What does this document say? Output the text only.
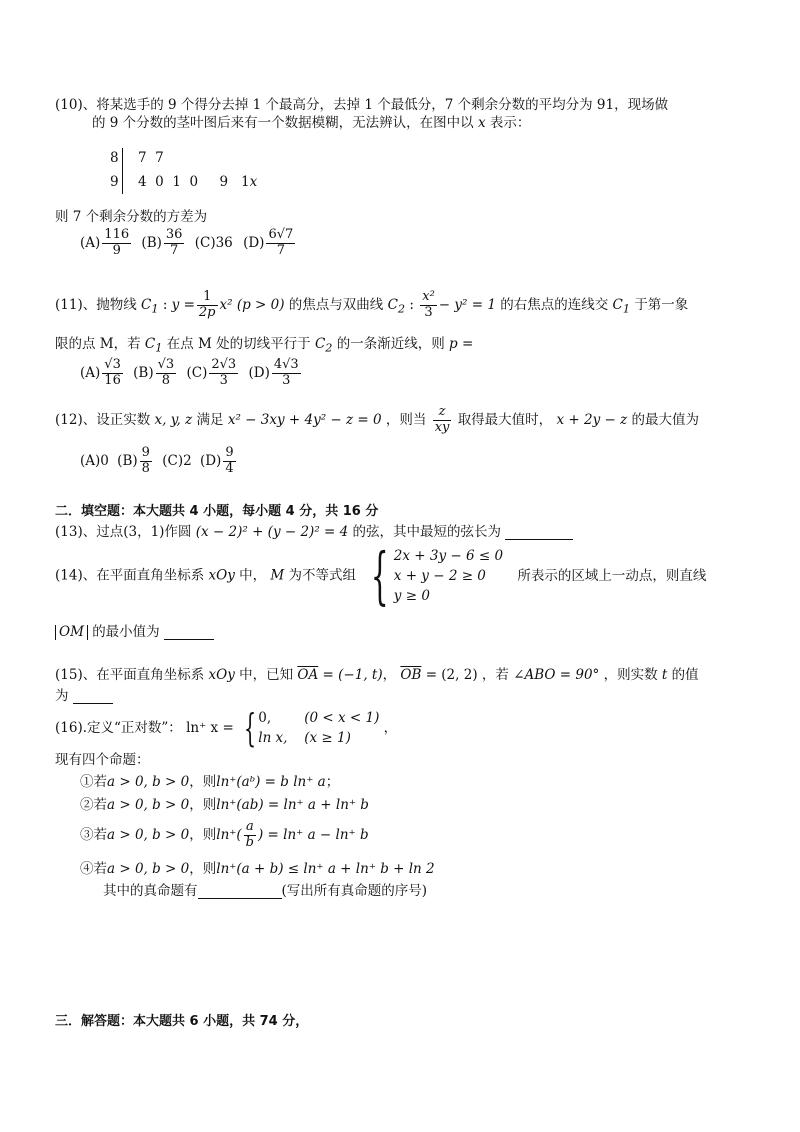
(10)、将某选手的 9 个得分去掉 1 个最高分，去掉 1 个最低分，7 个剩余分数的平均分为 91，现场做
的 9 个分数的茎叶图后来有一个数据模糊，无法辨认，在图中以 x 表示：
8 7  7
9 4  0  1  0     9   1x
则 7 个剩余分数的方差为
$(A) \frac{116}{9} (B) \frac{36}{7} (C)36$ $(D) \frac{6√7}{7}$
(11)、抛物线 $C_1$ : $y = \frac{1}{2p} x^2$ (p > 0) 的焦点与双曲线 $C_2$ : $\frac{\text{x²}}{3} - y^2 = 1$ 的右焦点的连线交 $C_1$ 于第一象
限的点 M，若 $C_1$ 在点 M 处的切线平行于 $C_2$ 的一条渐近线，则 p =
$(A) \frac{√3}{16} (B) \frac{√3}{8} (C) \frac{2√3}{3} (D) \frac{4√3}{3}$
(12)、设正实数 x, y, z 满足 x² − 3xy + 4y² − z = 0 ，则当 $\frac{z}{xy}$ 取得最大值时， x + 2y − z 的最大值为
(A)0 $(B) \frac{9}{8} (C)2$ $(D) \frac{9}{4}$
二．填空题：本大题共 4 小题，每小题 4 分，共 16 分
(13)、过点(3，1)作圆 (x − 2)² + (y − 2)² = 4 的弦，其中最短的弦长为
(14)、在平面直角坐标系 xOy 中， M 为不等式组 { 2x + 3y − 6 ≤ 0
x + y − 2 ≥ 0
y ≥ 0
所表示的区域上一动点，则直线
OM 的最小值为
(15)、在平面直角坐标系 xOy 中，已知 $\overline{OA} = (-1$, t)， $\overline{OB} = (2$, 2) ，若 ∠ABO = 90° ，则实数 t 的值
为
(16).定义“正对数”： ln⁺ x = { 0, (0 < x < 1)
ln x, (x ≥ 1)
，
现有四个命题：
①若a > 0, b > 0，则ln⁺(aᵇ) = b ln⁺ a；
②若a > 0, b > 0，则ln⁺(ab) = ln⁺ a + ln⁺ b
③若a > 0, b > 0，则$\ln^+( \frac{a}{b}$ ) = ln⁺ a − ln⁺ b
④若a > 0, b > 0，则ln⁺(a + b) ≤ ln⁺ a + ln⁺ b + ln 2
其中的真命题有	(写出所有真命题的序号)
三．解答题：本大题共 6 小题，共 74 分，
